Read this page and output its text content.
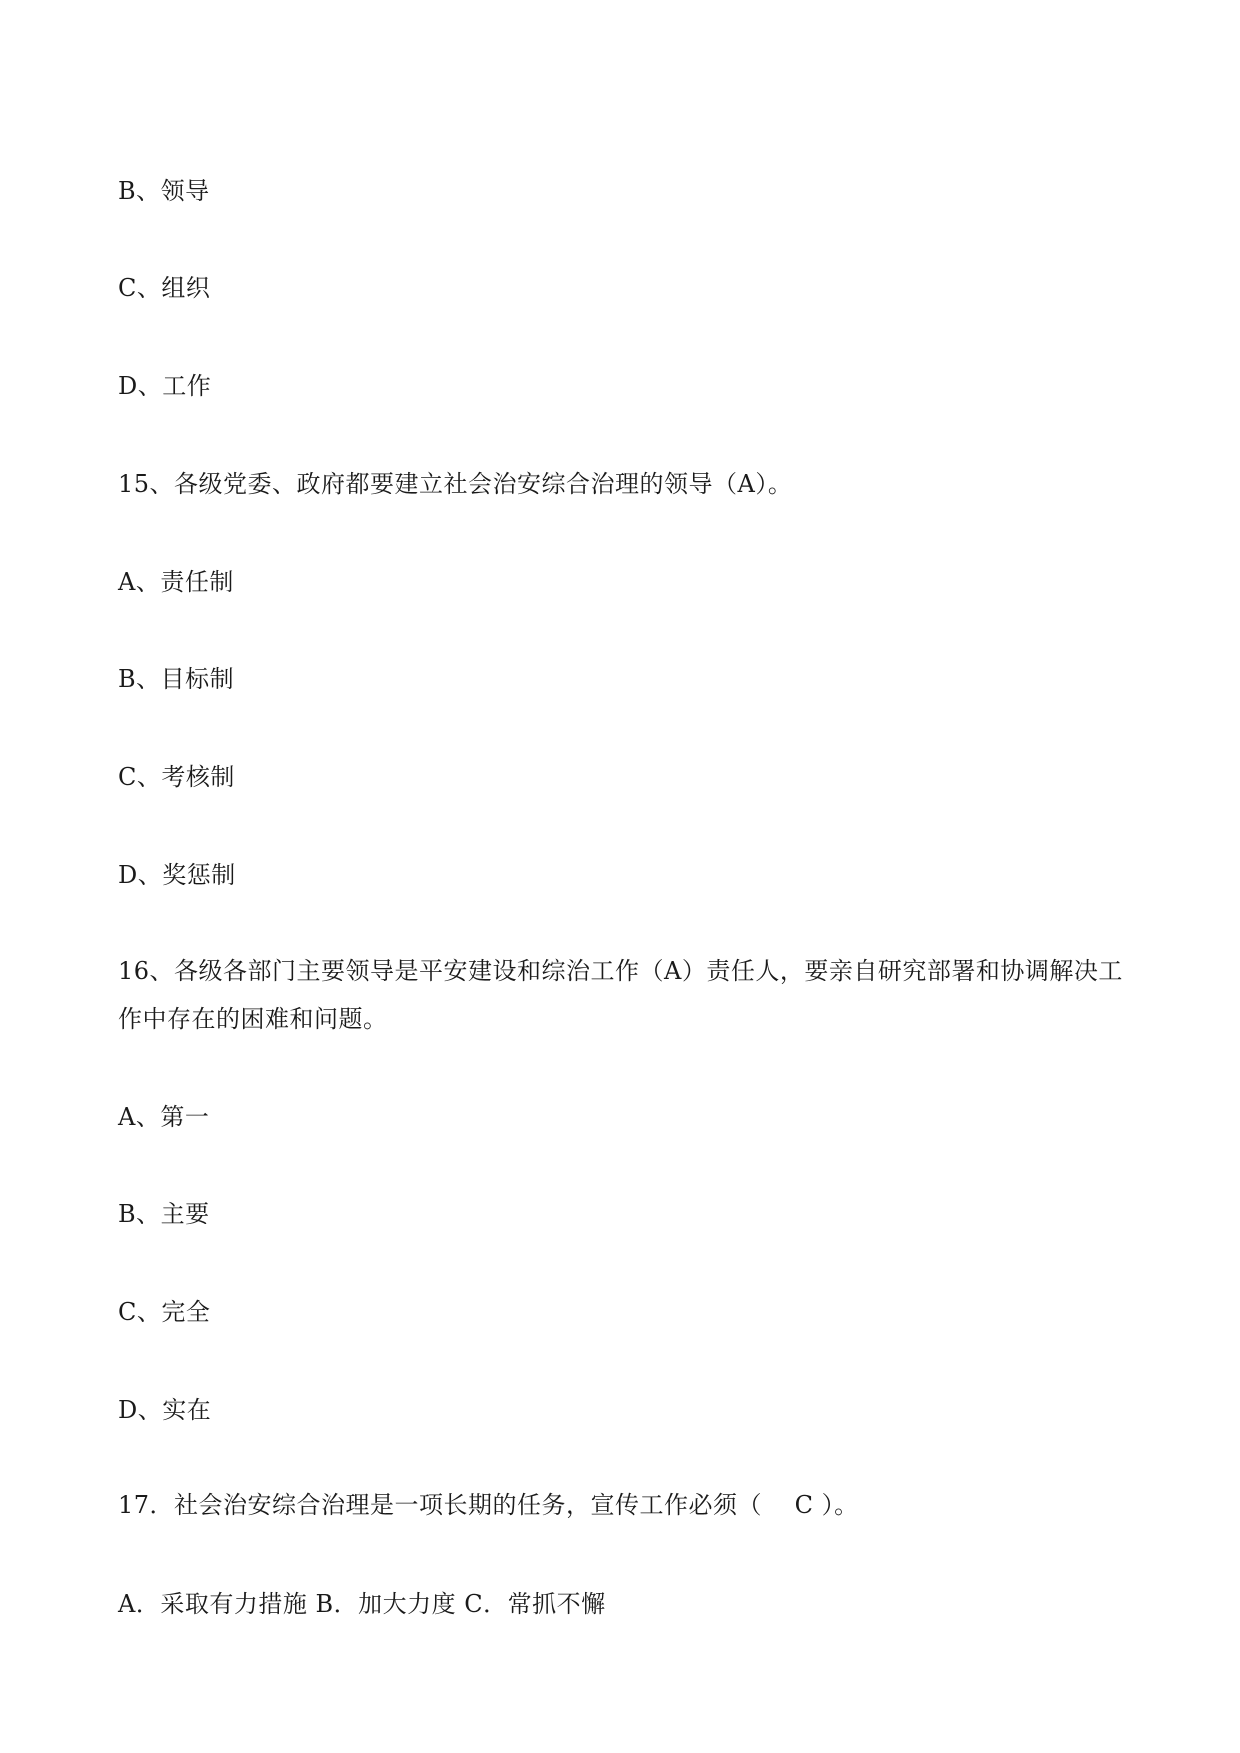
B、领导
C、组织
D、工作
15、各级党委、政府都要建立社会治安综合治理的领导（A）。
A、责任制
B、目标制
C、考核制
D、奖惩制
16、各级各部门主要领导是平安建设和综治工作（A）责任人，要亲自研究部署和协调解决工
作中存在的困难和问题。
A、第一
B、主要
C、完全
D、实在
17．社会治安综合治理是一项长期的任务，宣传工作必须（　 C ）。
A．采取有力措施 B．加大力度 C．常抓不懈
